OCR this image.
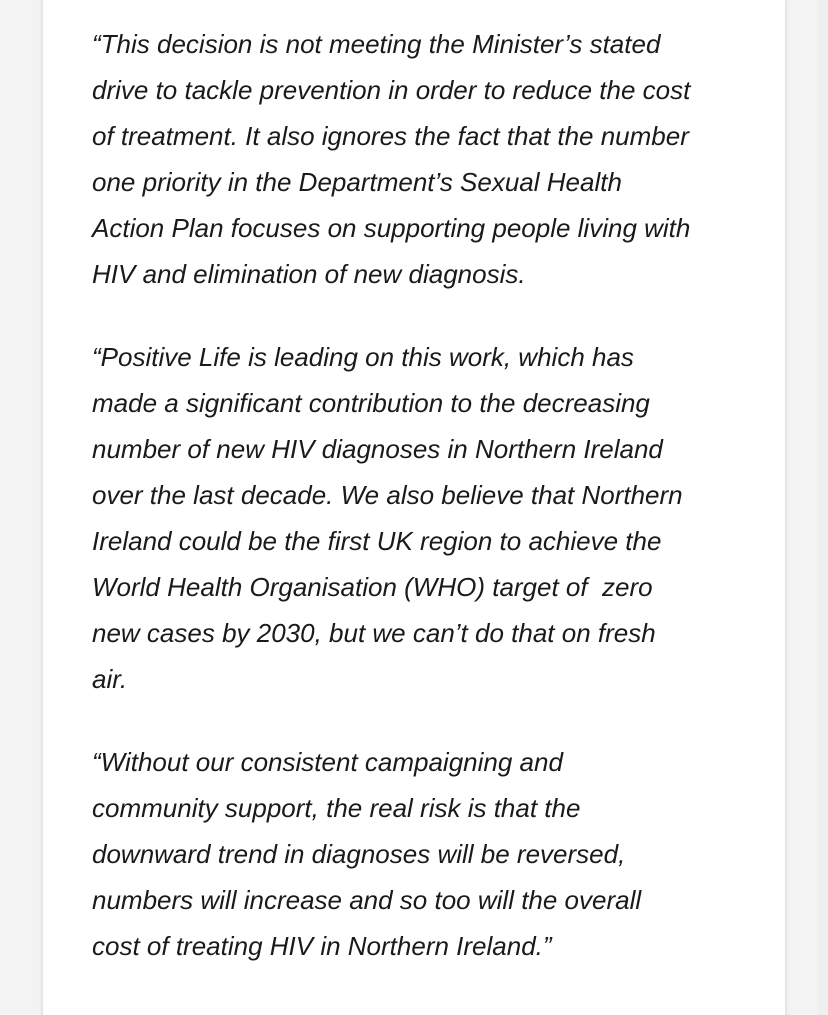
“This decision is not meeting the Minister’s stated
drive to tackle prevention in order to reduce the cost
of treatment. It also ignores the fact that the number
one priority in the Department’s Sexual Health
Action Plan focuses on supporting people living with
HIV and elimination of new diagnosis.

“Positive Life is leading on this work, which has
made a significant contribution to the decreasing
number of new HIV diagnoses in Northern Ireland
over the last decade. We also believe that Northern
Ireland could be the first UK region to achieve the
World Health Organisation (WHO) target of  zero
new cases by 2030, but we can’t do that on fresh
air.

“Without our consistent campaigning and
community support, the real risk is that the
downward trend in diagnoses will be reversed,
numbers will increase and so too will the overall
cost of treating HIV in Northern Ireland.”
